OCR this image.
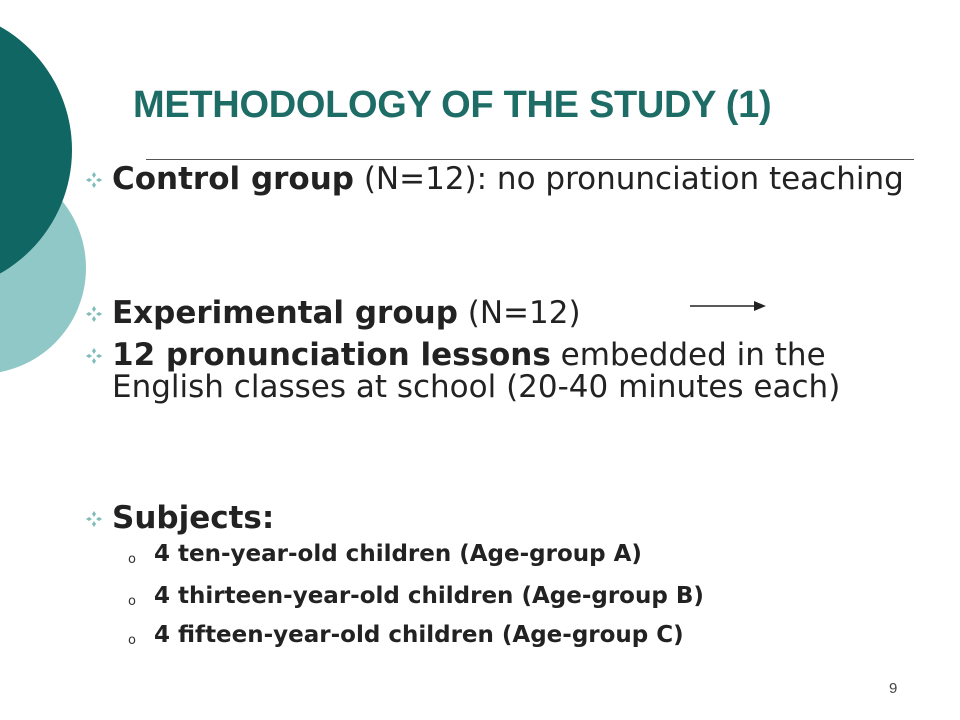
METHODOLOGY OF THE STUDY (1)
Control group (N=12): no pronunciation teaching
Experimental group (N=12)
12 pronunciation lessons embedded in the English classes at school (20-40 minutes each)
Subjects:
o 4 ten-year-old children (Age-group A)
o 4 thirteen-year-old children (Age-group B)
o 4 fifteen-year-old children (Age-group C)
9
